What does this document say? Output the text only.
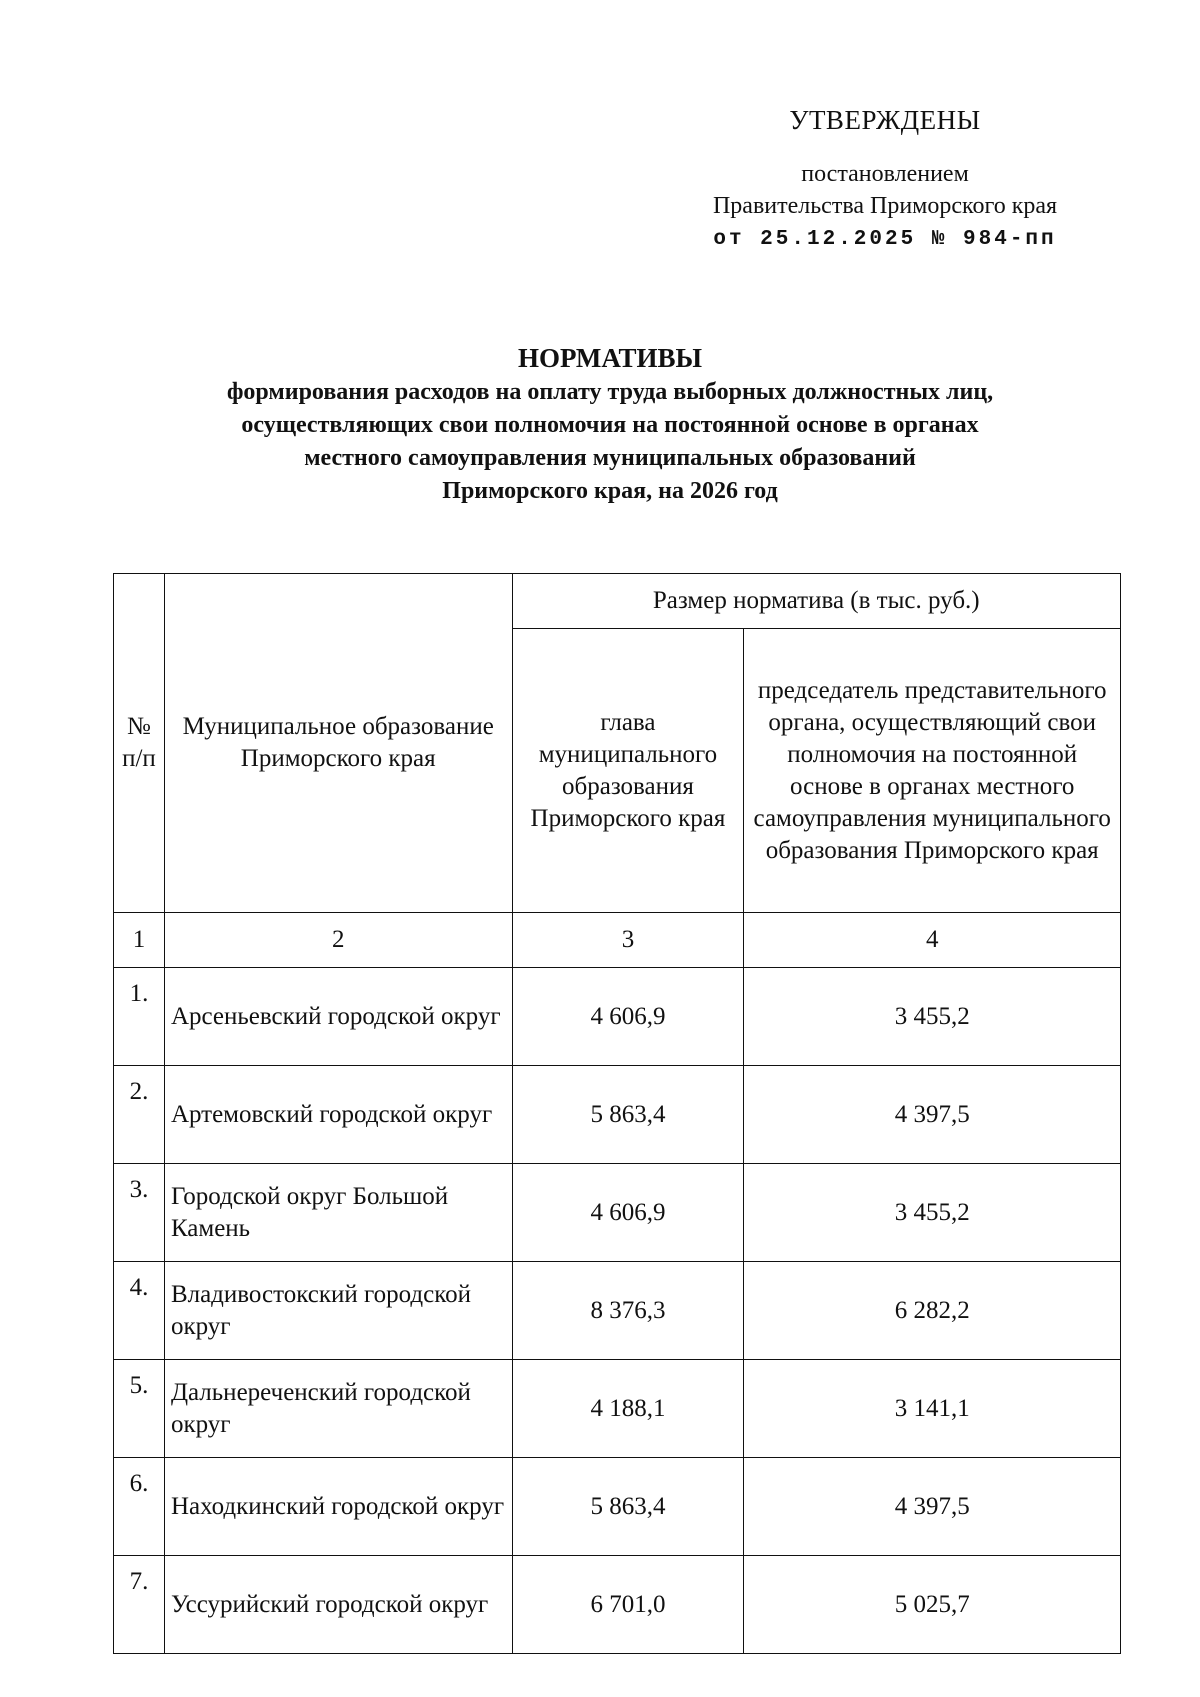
УТВЕРЖДЕНЫ
постановлением
Правительства Приморского края
от 25.12.2025 № 984-пп
НОРМАТИВЫ
формирования расходов на оплату труда выборных должностных лиц,
осуществляющих свои полномочия на постоянной основе в органах
местного самоуправления муниципальных образований
Приморского края, на 2026 год
№ п/п	Муниципальное образование Приморского края	Размер норматива (в тыс. руб.)	
		глава муниципального образования Приморского края	председатель представительного органа, осуществляющий свои полномочия на постоянной основе в органах местного самоуправления муниципального образования Приморского края
1	2	3	4
1.	Арсеньевский городской округ	4 606,9	3 455,2
2.	Артемовский городской округ	5 863,4	4 397,5
3.	Городской округ Большой Камень	4 606,9	3 455,2
4.	Владивостокский городской округ	8 376,3	6 282,2
5.	Дальнереченский городской округ	4 188,1	3 141,1
6.	Находкинский городской округ	5 863,4	4 397,5
7.	Уссурийский городской округ	6 701,0	5 025,7
